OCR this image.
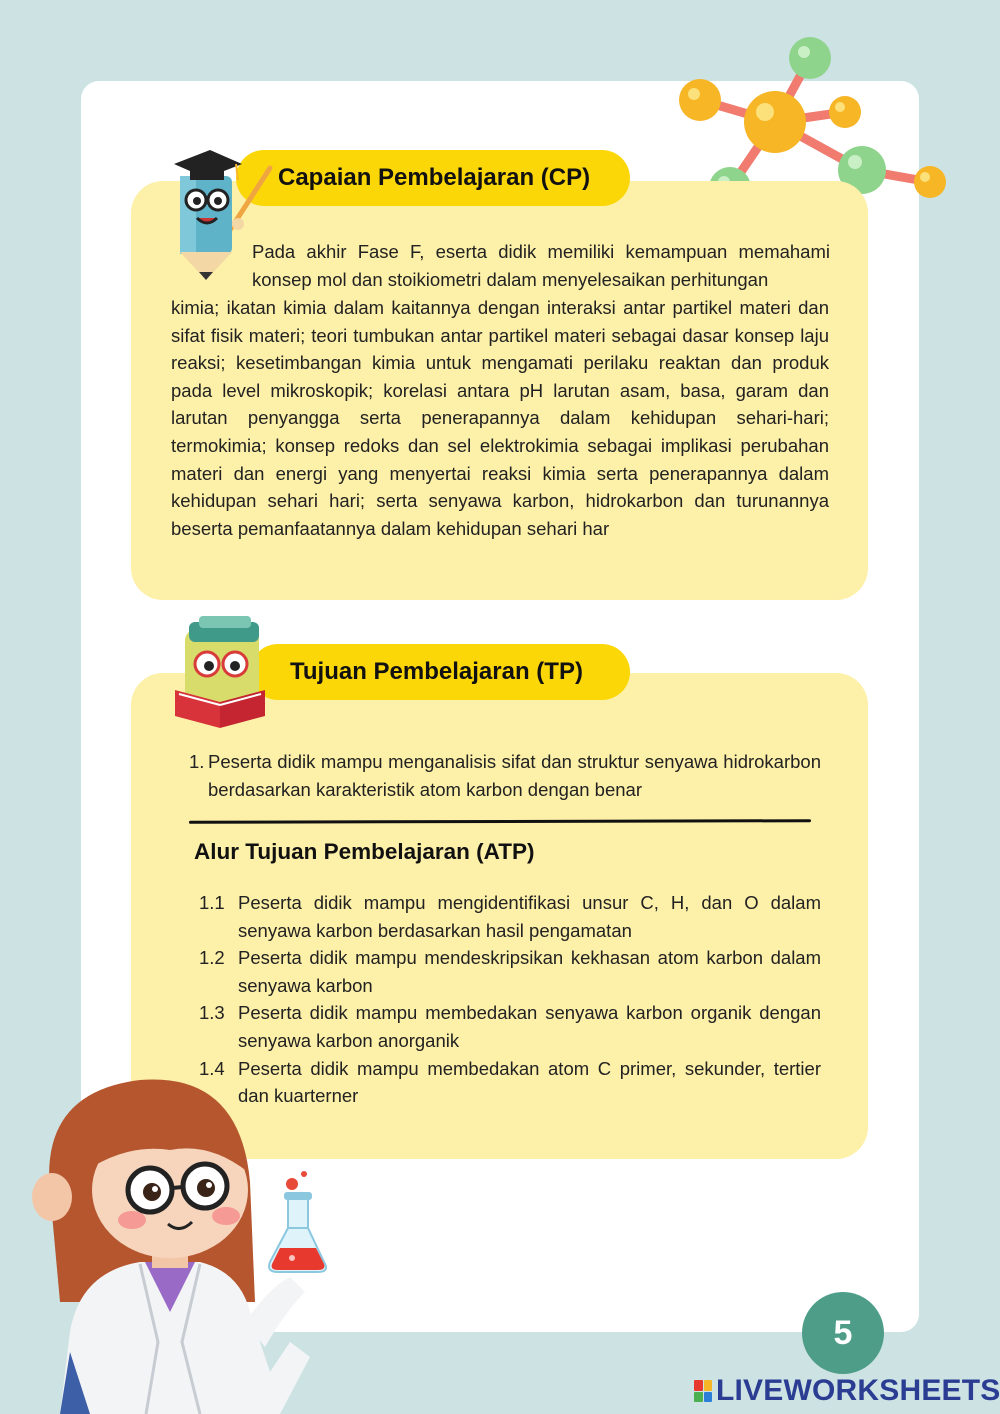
Capaian Pembelajaran (CP)
Pada akhir Fase F, eserta didik memiliki kemampuan memahami
konsep mol dan stoikiometri dalam menyelesaikan perhitungan
kimia; ikatan kimia dalam kaitannya dengan interaksi antar partikel materi dan sifat fisik materi; teori tumbukan antar partikel materi sebagai dasar konsep laju reaksi; kesetimbangan kimia untuk mengamati perilaku reaktan dan produk pada level mikroskopik; korelasi antara pH larutan asam, basa, garam dan larutan penyangga serta penerapannya dalam kehidupan sehari-hari; termokimia; konsep redoks dan sel elektrokimia sebagai implikasi perubahan materi dan energi yang menyertai reaksi kimia serta penerapannya dalam kehidupan sehari hari; serta senyawa karbon, hidrokarbon dan turunannya beserta pemanfaatannya dalam kehidupan sehari har
Tujuan Pembelajaran (TP)
1. Peserta didik mampu menganalisis sifat dan struktur senyawa hidrokarbon berdasarkan karakteristik atom karbon dengan benar
Alur Tujuan Pembelajaran (ATP)
1.1 Peserta didik mampu mengidentifikasi unsur C, H, dan O dalam senyawa karbon berdasarkan hasil pengamatan
1.2 Peserta didik mampu mendeskripsikan kekhasan atom karbon dalam senyawa karbon
1.3 Peserta didik mampu membedakan senyawa karbon organik dengan senyawa karbon anorganik
1.4 Peserta didik mampu membedakan atom C primer, sekunder, tertier dan kuarterner
5
LIVEWORKSHEETS
